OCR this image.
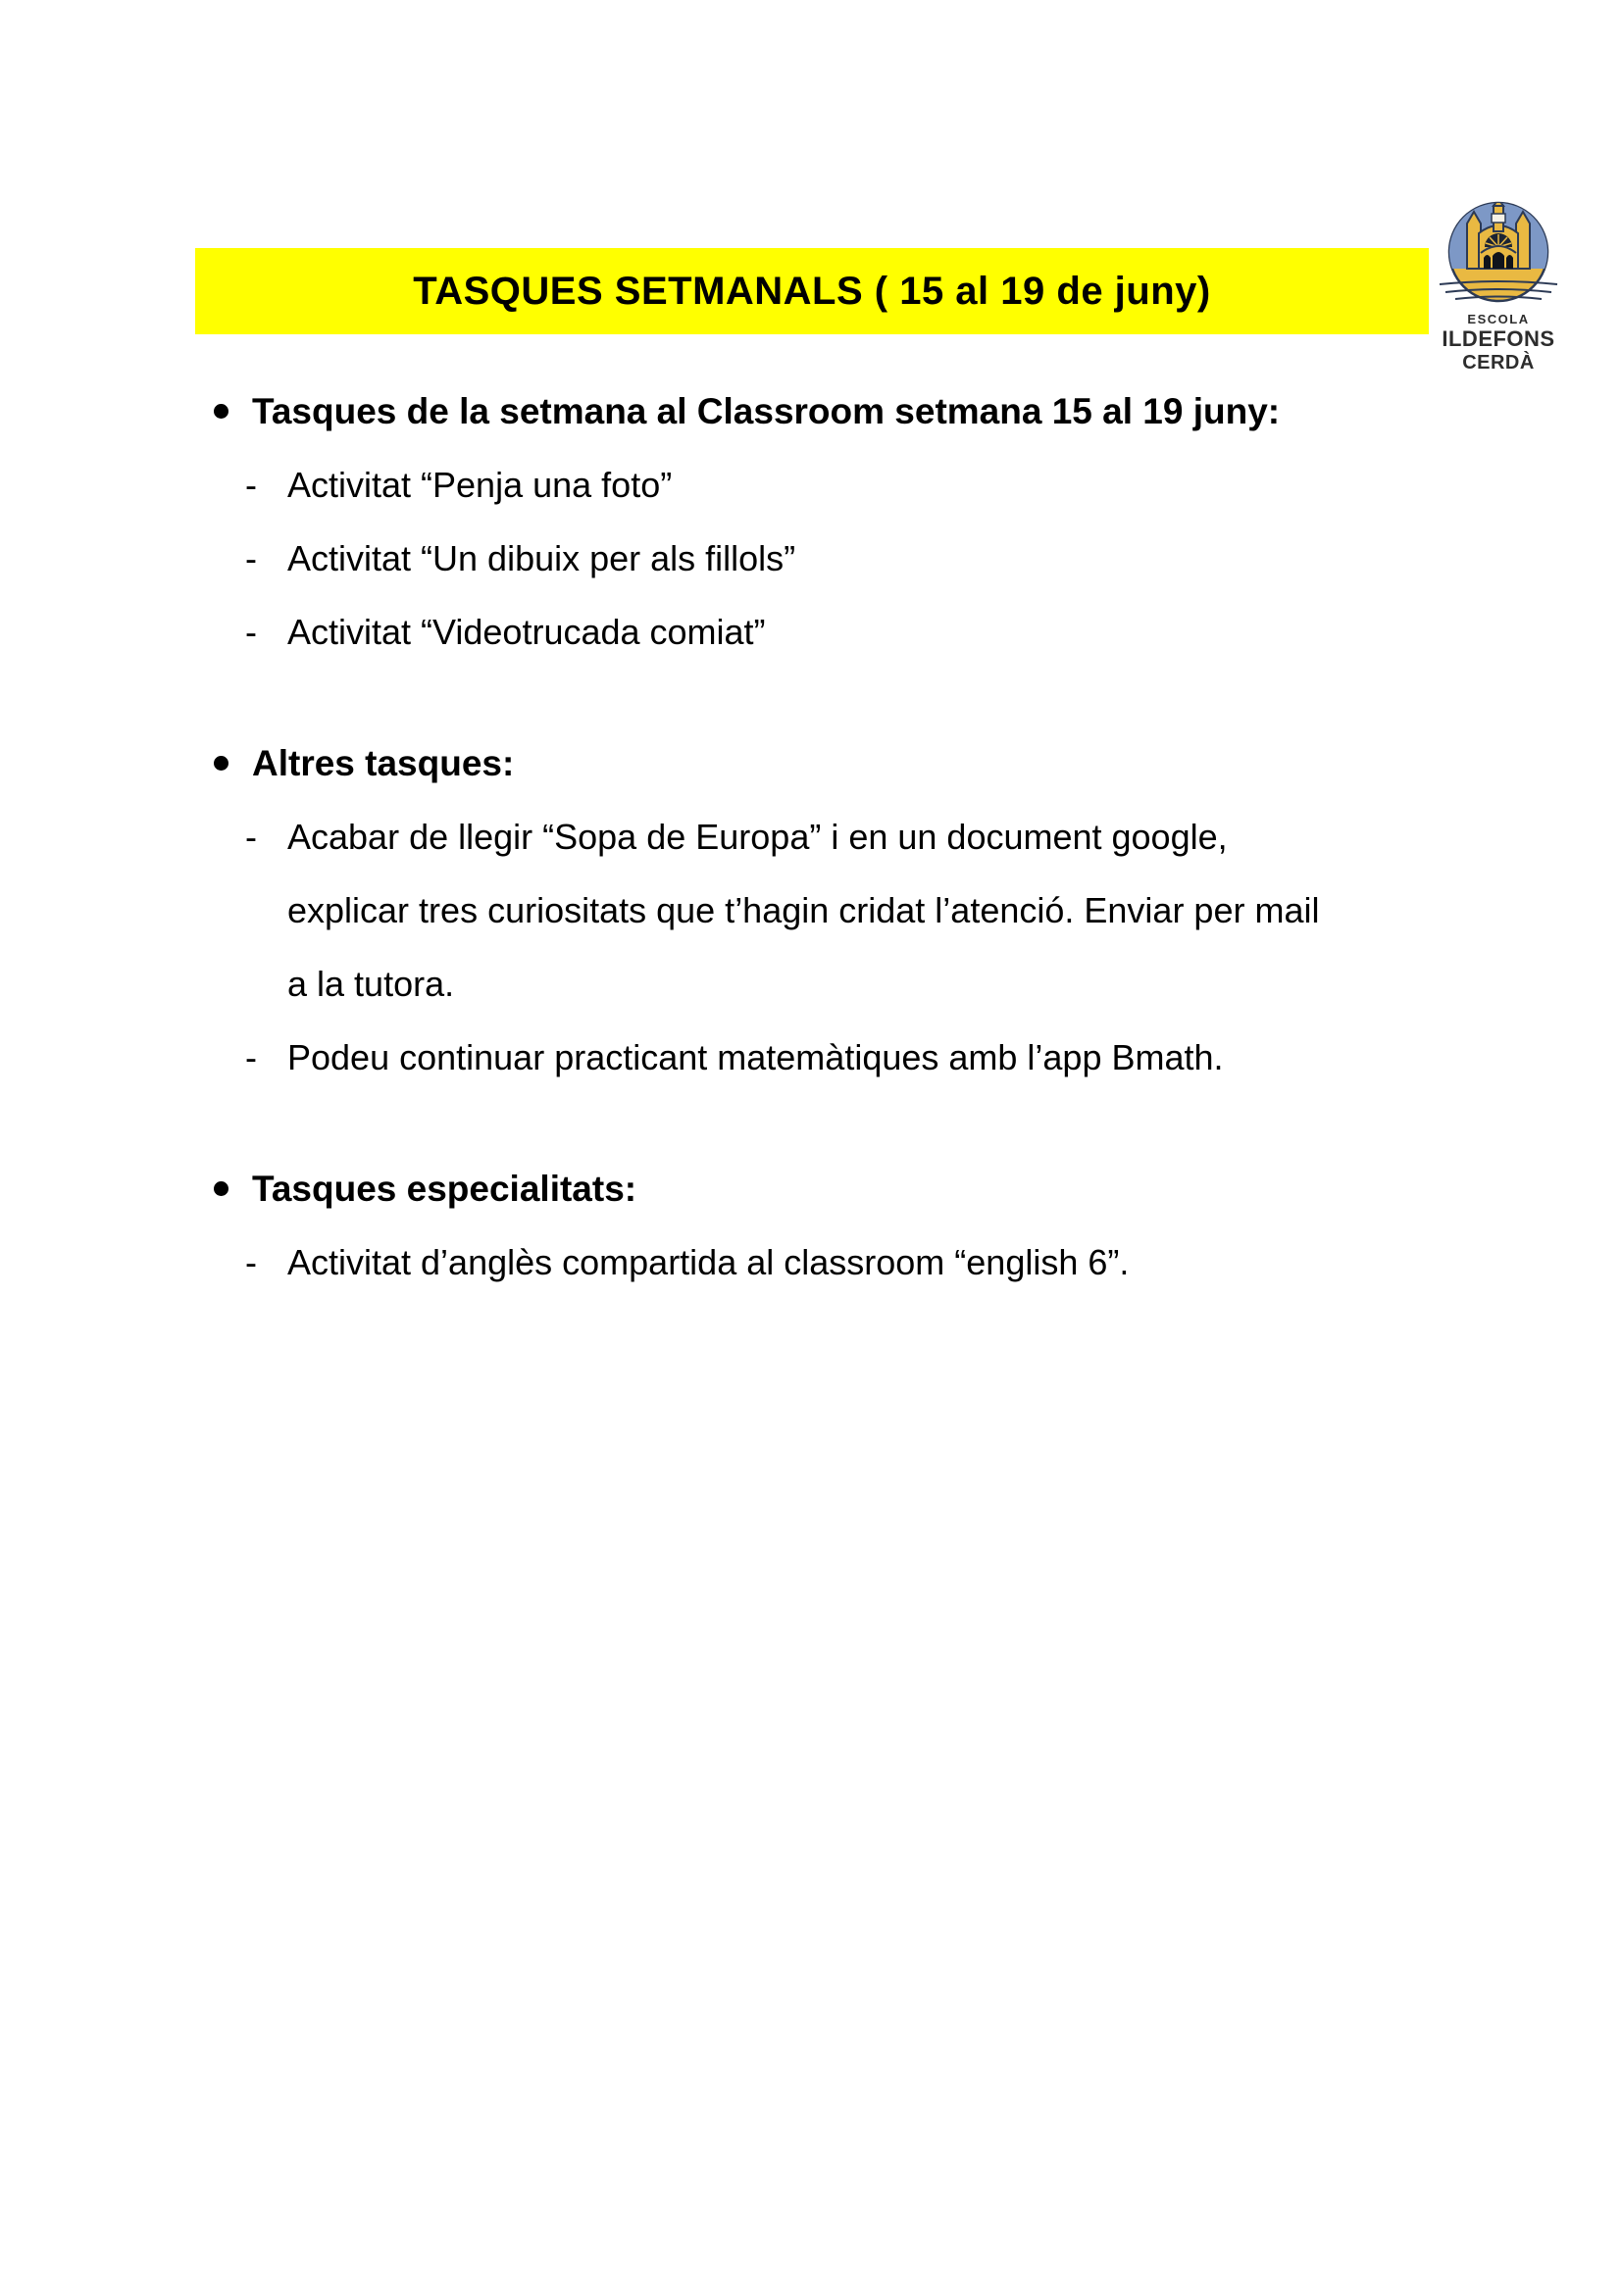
TASQUES SETMANALS ( 15 al 19 de juny)
ESCOLA
ILDEFONS
CERDÀ
Tasques de la setmana al Classroom setmana 15 al 19 juny:
- Activitat “Penja una foto”
- Activitat “Un dibuix per als fillols”
- Activitat “Videotrucada comiat”
Altres tasques:
- Acabar de llegir “Sopa de Europa” i en un document google,
explicar tres curiositats que t’hagin cridat l’atenció. Enviar per mail
a la tutora.
- Podeu continuar practicant matemàtiques amb l’app Bmath.
Tasques especialitats:
- Activitat d’anglès compartida al classroom “english 6”.
